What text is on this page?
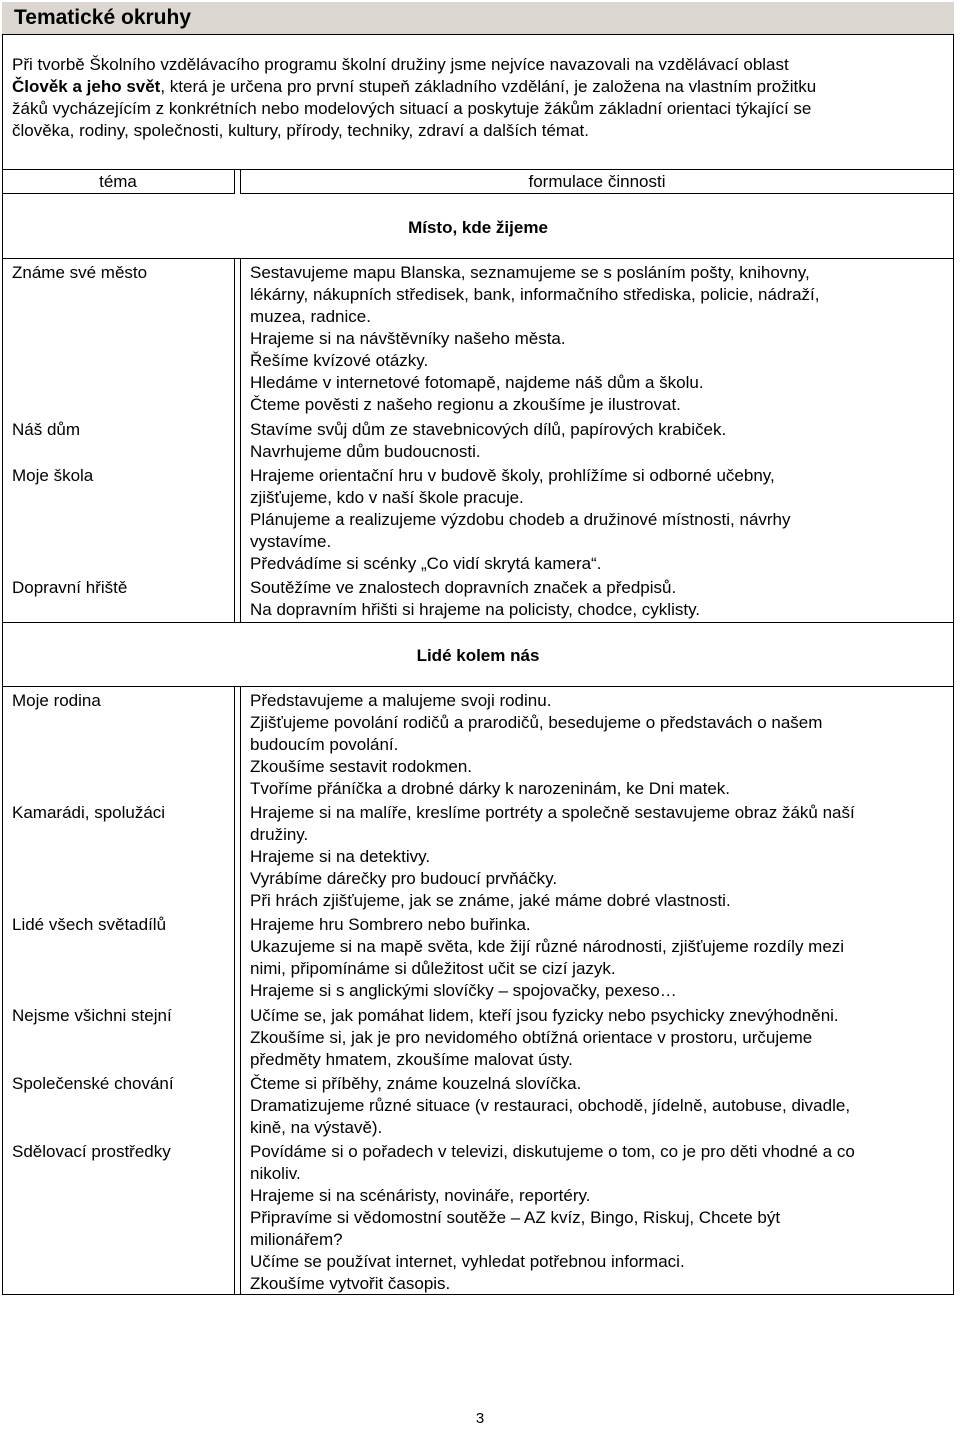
Tematické okruhy

Při tvorbě Školního vzdělávacího programu školní družiny jsme nejvíce navazovali na vzdělávací oblast

Člověk a jeho svět, která je určena pro první stupeň základního vzdělání, je založena na vlastním prožitku

žáků vycházejícím z konkrétních nebo modelových situací a poskytuje žákům základní orientaci týkající se

člověka, rodiny, společnosti, kultury, přírody, techniky, zdraví a dalších témat.

téma	formulace činnosti
Místo, kde žijeme
Známe své město	Sestavujeme mapu Blanska, seznamujeme se s posláním pošty, knihovny,
lékárny, nákupních středisek, bank, informačního střediska, policie, nádraží,
muzea, radnice.
Hrajeme si na návštěvníky našeho města.
Řešíme kvízové otázky.
Hledáme v internetové fotomapě, najdeme náš dům a školu.
Čteme pověsti z našeho regionu a zkoušíme je ilustrovat.
Náš dům	Stavíme svůj dům ze stavebnicových dílů, papírových krabiček.
Navrhujeme dům budoucnosti.
Moje škola	Hrajeme orientační hru v budově školy, prohlížíme si odborné učebny,
zjišťujeme, kdo v naší škole pracuje.
Plánujeme a realizujeme výzdobu chodeb a družinové místnosti, návrhy
vystavíme.
Předvádíme si scénky „Co vidí skrytá kamera“.
Dopravní hřiště	Soutěžíme ve znalostech dopravních značek a předpisů.
Na dopravním hřišti si hrajeme na policisty, chodce, cyklisty.
Lidé kolem nás
Moje rodina	Představujeme a malujeme svoji rodinu.
Zjišťujeme povolání rodičů a prarodičů, besedujeme o představách o našem
budoucím povolání.
Zkoušíme sestavit rodokmen.
Tvoříme přáníčka a drobné dárky k narozeninám, ke Dni matek.
Kamarádi, spolužáci	Hrajeme si na malíře, kreslíme portréty a společně sestavujeme obraz žáků naší
družiny.
Hrajeme si na detektivy.
Vyrábíme dárečky pro budoucí prvňáčky.
Při hrách zjišťujeme, jak se známe, jaké máme dobré vlastnosti.
Lidé všech světadílů	Hrajeme hru Sombrero nebo buřinka.
Ukazujeme si na mapě světa, kde žijí různé národnosti, zjišťujeme rozdíly mezi
nimi, připomínáme si důležitost učit se cizí jazyk.
Hrajeme si s anglickými slovíčky – spojovačky, pexeso…
Nejsme všichni stejní	Učíme se, jak pomáhat lidem, kteří jsou fyzicky nebo psychicky znevýhodněni.
Zkoušíme si, jak je pro nevidomého obtížná orientace v prostoru, určujeme
předměty hmatem, zkoušíme malovat ústy.
Společenské chování	Čteme si příběhy, známe kouzelná slovíčka.
Dramatizujeme různé situace (v restauraci, obchodě, jídelně, autobuse, divadle,
kině, na výstavě).
Sdělovací prostředky	Povídáme si o pořadech v televizi, diskutujeme o tom, co je pro děti vhodné a co
nikoliv.
Hrajeme si na scénáristy, novináře, reportéry.
Připravíme si vědomostní soutěže – AZ kvíz, Bingo, Riskuj, Chcete být
milionářem?
Učíme se používat internet, vyhledat potřebnou informaci.
Zkoušíme vytvořit časopis.
3
